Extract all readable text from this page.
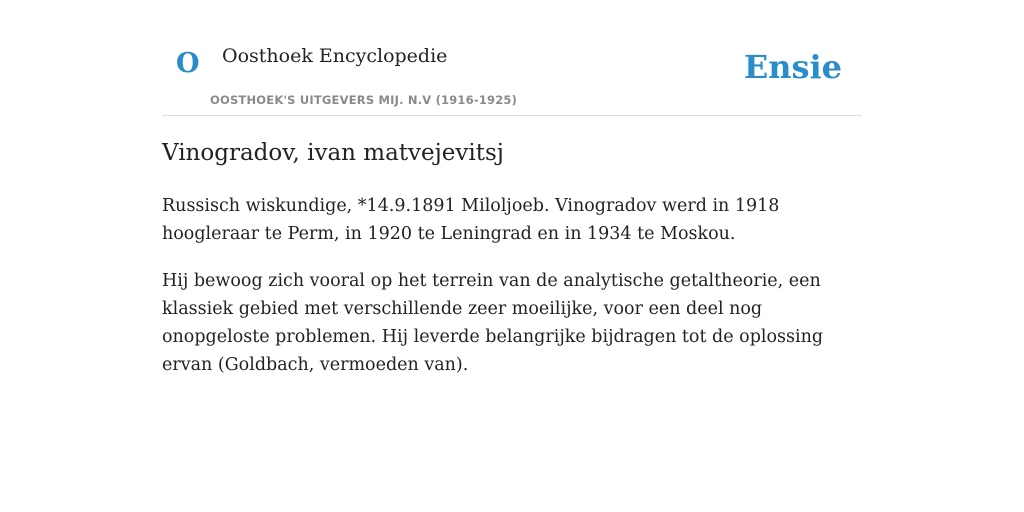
O Oosthoek Encyclopedie
OOSTHOEK'S UITGEVERS MIJ. N.V (1916-1925)
Ensie
Vinogradov, ivan matvejevitsj

Russisch wiskundige, *14.9.1891 Miloljoeb. Vinogradov werd in 1918 hoogleraar te Perm, in 1920 te Leningrad en in 1934 te Moskou.

Hij bewoog zich vooral op het terrein van de analytische getaltheorie, een klassiek gebied met verschillende zeer moeilijke, voor een deel nog onopgeloste problemen. Hij leverde belangrijke bijdragen tot de oplossing ervan (Goldbach, vermoeden van).
